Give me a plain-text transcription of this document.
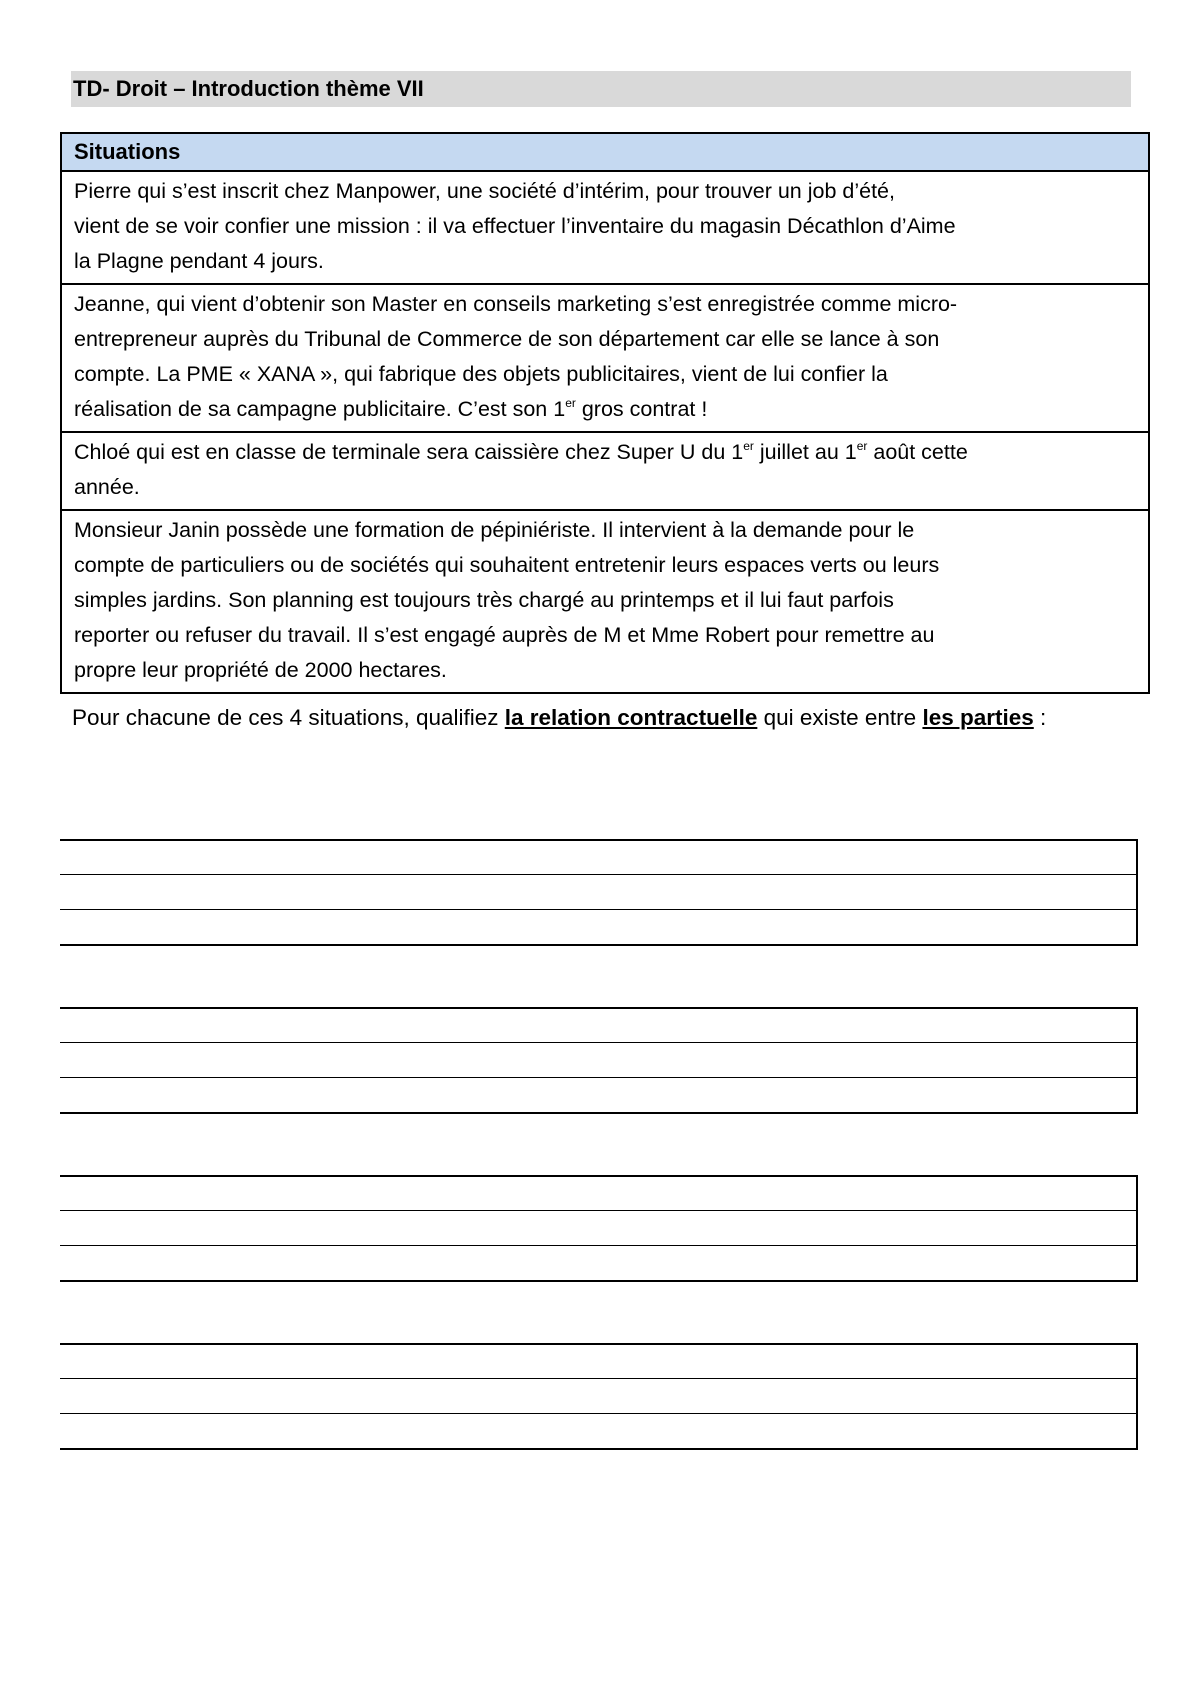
TD- Droit – Introduction thème VII
Situations
Pierre qui s’est inscrit chez Manpower, une société d’intérim, pour trouver un job d’été,
vient de se voir confier une mission : il va effectuer l’inventaire du magasin Décathlon d’Aime
la Plagne pendant 4 jours.
Jeanne, qui vient d’obtenir son Master en conseils marketing s’est enregistrée comme micro-
entrepreneur auprès du Tribunal de Commerce de son département car elle se lance à son
compte. La PME « XANA », qui fabrique des objets publicitaires, vient de lui confier la
réalisation de sa campagne publicitaire. C’est son 1er gros contrat !
Chloé qui est en classe de terminale sera caissière chez Super U du 1er juillet au 1er août cette
année.
Monsieur Janin possède une formation de pépiniériste. Il intervient à la demande pour le
compte de particuliers ou de sociétés qui souhaitent entretenir leurs espaces verts ou leurs
simples jardins. Son planning est toujours très chargé au printemps et il lui faut parfois
reporter ou refuser du travail. Il s’est engagé auprès de M et Mme Robert pour remettre au
propre leur propriété de 2000 hectares.
Pour chacune de ces 4 situations, qualifiez la relation contractuelle qui existe entre les parties :
